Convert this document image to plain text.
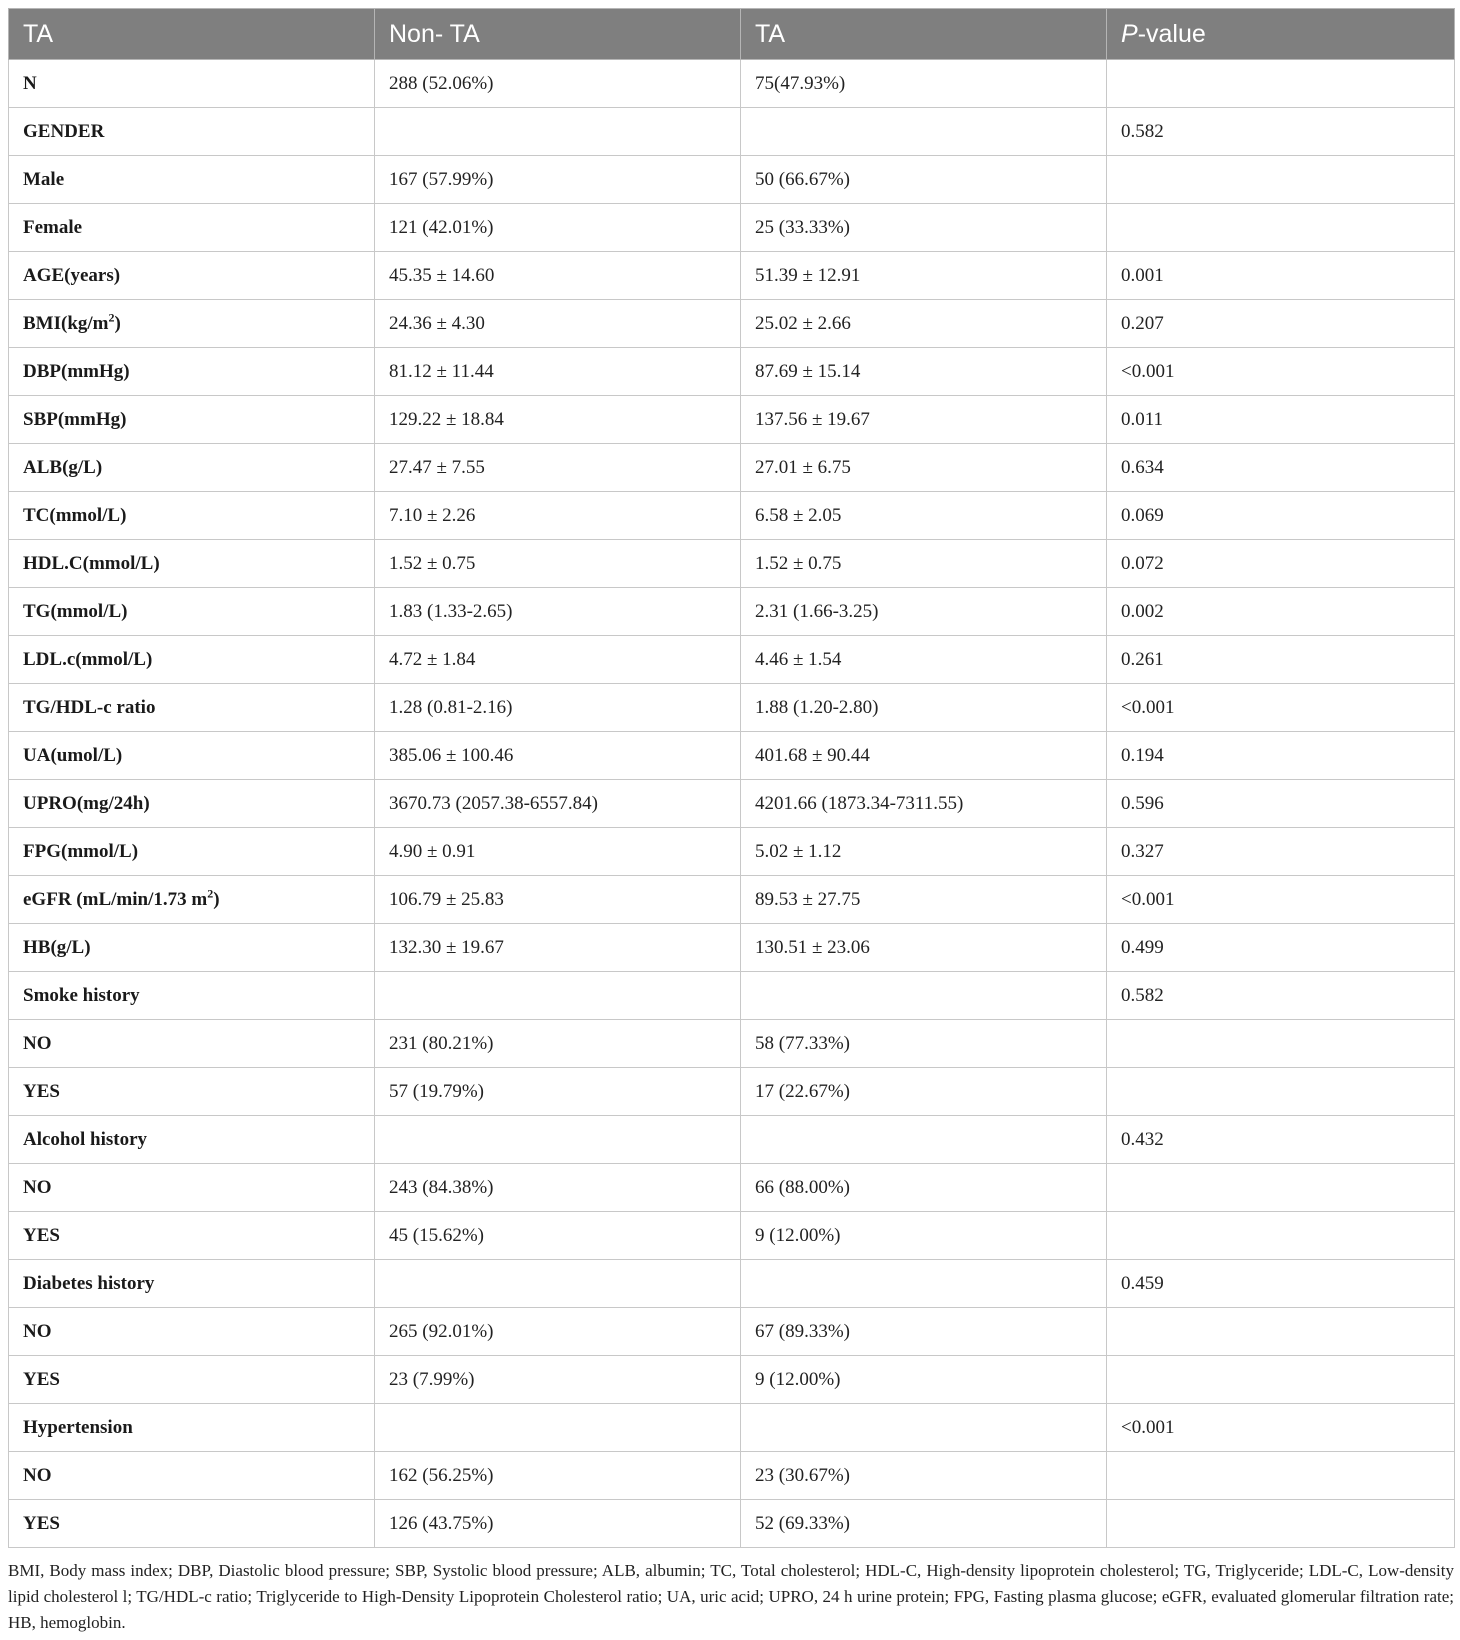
TA	Non- TA	TA	P-value
N	288 (52.06%)	75(47.93%)	
GENDER			0.582
Male	167 (57.99%)	50 (66.67%)	
Female	121 (42.01%)	25 (33.33%)	
AGE(years)	45.35 ± 14.60	51.39 ± 12.91	0.001
$BMI(kg/m^2)$	24.36 ± 4.30	25.02 ± 2.66	0.207
DBP(mmHg)	81.12 ± 11.44	87.69 ± 15.14	<0.001
SBP(mmHg)	129.22 ± 18.84	137.56 ± 19.67	0.011
ALB(g/L)	27.47 ± 7.55	27.01 ± 6.75	0.634
TC(mmol/L)	7.10 ± 2.26	6.58 ± 2.05	0.069
HDL.C(mmol/L)	1.52 ± 0.75	1.52 ± 0.75	0.072
TG(mmol/L)	1.83 (1.33-2.65)	2.31 (1.66-3.25)	0.002
LDL.c(mmol/L)	4.72 ± 1.84	4.46 ± 1.54	0.261
TG/HDL-c ratio	1.28 (0.81-2.16)	1.88 (1.20-2.80)	<0.001
UA(umol/L)	385.06 ± 100.46	401.68 ± 90.44	0.194
UPRO(mg/24h)	3670.73 (2057.38-6557.84)	4201.66 (1873.34-7311.55)	0.596
FPG(mmol/L)	4.90 ± 0.91	5.02 ± 1.12	0.327
eGFR (mL/min/1.73 $m^2$)	106.79 ± 25.83	89.53 ± 27.75	<0.001
HB(g/L)	132.30 ± 19.67	130.51 ± 23.06	0.499
Smoke history			0.582
NO	231 (80.21%)	58 (77.33%)	
YES	57 (19.79%)	17 (22.67%)	
Alcohol history			0.432
NO	243 (84.38%)	66 (88.00%)	
YES	45 (15.62%)	9 (12.00%)	
Diabetes history			0.459
NO	265 (92.01%)	67 (89.33%)	
YES	23 (7.99%)	9 (12.00%)	
Hypertension			<0.001
NO	162 (56.25%)	23 (30.67%)	
YES	126 (43.75%)	52 (69.33%)	
BMI, Body mass index; DBP, Diastolic blood pressure; SBP, Systolic blood pressure; ALB, albumin; TC, Total cholesterol; HDL-C, High-density lipoprotein cholesterol; TG, Triglyceride; LDL-C, Low-density lipid cholesterol l; TG/HDL-c ratio; Triglyceride to High-Density Lipoprotein Cholesterol ratio; UA, uric acid; UPRO, 24 h urine protein; FPG, Fasting plasma glucose; eGFR, evaluated glomerular filtration rate; HB, hemoglobin.
